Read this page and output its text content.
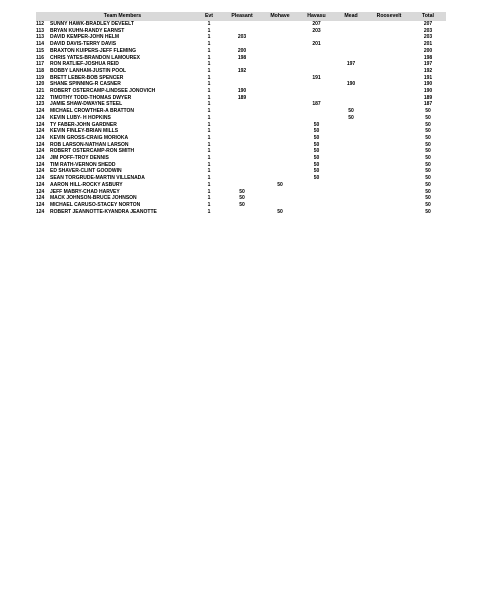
	Team Members	Evt	Pleasant	Mohave	Havasu	Mead	Roosevelt	Total
112	SUNNY HAWK-BRADLEY DEVEELT	1			207			207
113	BRYAN KUHN-RANDY EARNST	1			203			203
113	DAVID KEMPER-JOHN HELM	1	203					203
114	DAVID DAVIS-TERRY DAVIS	1			201			201
115	BRAXTON KUIPERS-JEFF FLEMING	1	200					200
116	CHRIS YATES-BRANDON LAMOUREX	1	198					198
117	RON RATLIEF-JOSHUA REID	1				197		197
118	BOBBY LANHAM-JUSTIN POOL	1	192					192
119	BRETT LEBER-BOB SPENCER	1			191			191
120	SHANE SPINNING-R CASNER	1				190		190
121	ROBERT OSTERCAMP-LINDSEE JONOVICH	1	190					190
122	TIMOTHY TODD-THOMAS DWYER	1	189					189
123	JAMIE SHAW-DWAYNE STEEL	1			187			187
124	MICHAEL CROWTHER-A BRATTON	1				50		50
124	KEVIN LUBY- H HOPKINS	1				50		50
124	TY FABER-JOHN GARDNER	1			50			50
124	KEVIN FINLEY-BRIAN MILLS	1			50			50
124	KEVIN GROSS-CRAIG MORIOKA	1			50			50
124	ROB LARSON-NATHAN LARSON	1			50			50
124	ROBERT OSTERCAMP-RON SMITH	1			50			50
124	JIM POFF-TROY DENNIS	1			50			50
124	TIM RATH-VERNON SHEDD	1			50			50
124	ED SHAVER-CLINT GOODWIN	1			50			50
124	SEAN TORGRUDE-MARTIN VILLENADA	1			50			50
124	AARON HILL-ROCKY ASBURY	1		50				50
124	JEFF MABRY-CHAD HARVEY	1	50					50
124	MACK JOHNSON-BRUCE JOHNSON	1	50					50
124	MICHAEL CARUSO-STACEY NORTON	1	50					50
124	ROBERT JEANNOTTE-KYANDRA JEANOTTE	1		50				50
